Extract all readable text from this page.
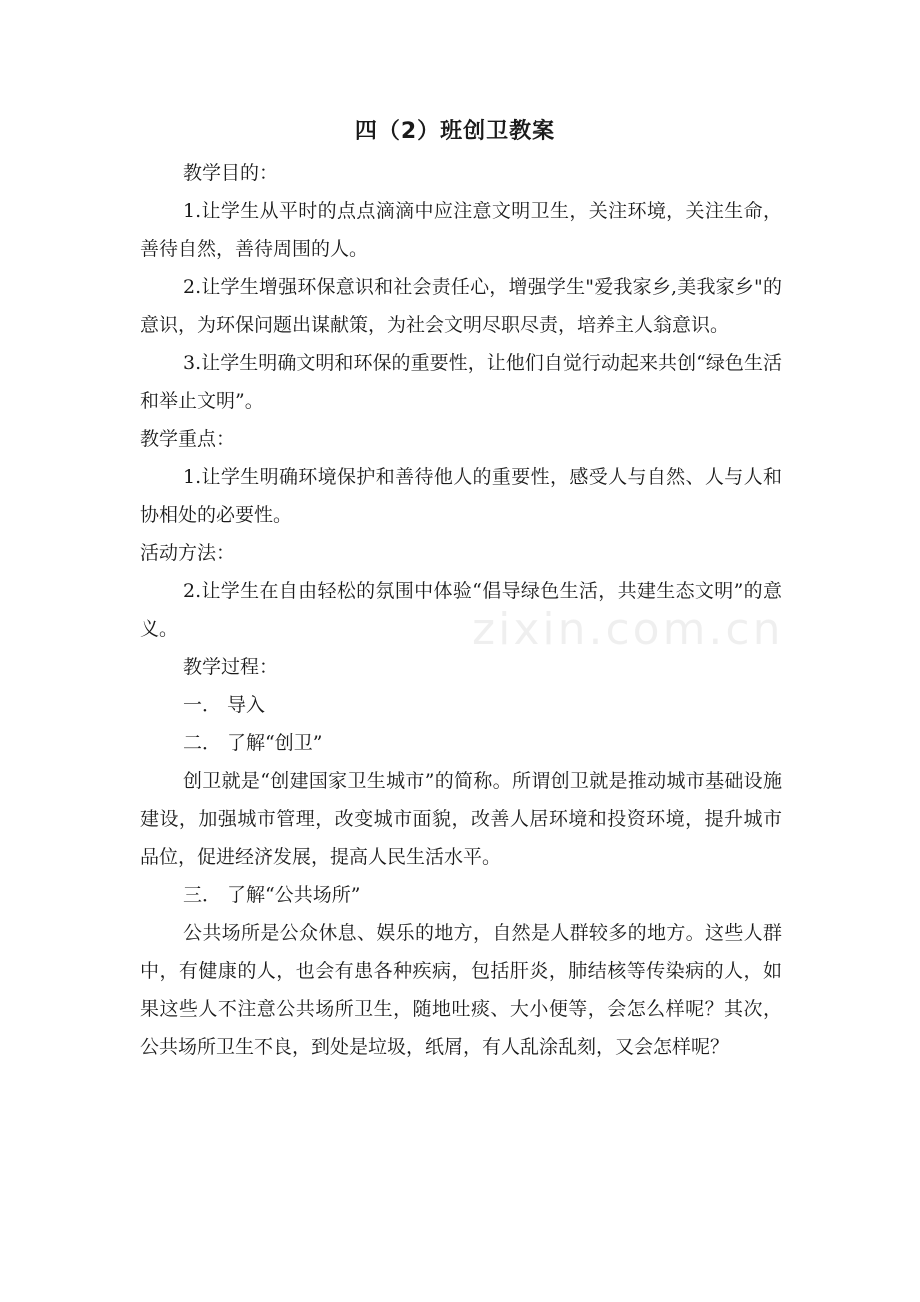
四（2）班创卫教案

教学目的：

1.让学生从平时的点点滴滴中应注意文明卫生，关注环境，关注生命，善待自然，善待周围的人。

2.让学生增强环保意识和社会责任心，增强学生"爱我家乡,美我家乡"的意识，为环保问题出谋献策，为社会文明尽职尽责，培养主人翁意识。

3.让学生明确文明和环保的重要性，让他们自觉行动起来共创“绿色生活和举止文明”。

教学重点：

1.让学生明确环境保护和善待他人的重要性，感受人与自然、人与人和协相处的必要性。

活动方法：

2.让学生在自由轻松的氛围中体验“倡导绿色生活，共建生态文明”的意义。

教学过程：

一． 导入

二． 了解“创卫”

创卫就是“创建国家卫生城市”的简称。所谓创卫就是推动城市基础设施建设，加强城市管理，改变城市面貌，改善人居环境和投资环境，提升城市品位，促进经济发展，提高人民生活水平。

三． 了解“公共场所”

公共场所是公众休息、娱乐的地方，自然是人群较多的地方。这些人群中，有健康的人，也会有患各种疾病，包括肝炎，肺结核等传染病的人，如果这些人不注意公共场所卫生，随地吐痰、大小便等，会怎么样呢？其次，公共场所卫生不良，到处是垃圾，纸屑，有人乱涂乱刻，又会怎样呢？

zixin.com.cn
